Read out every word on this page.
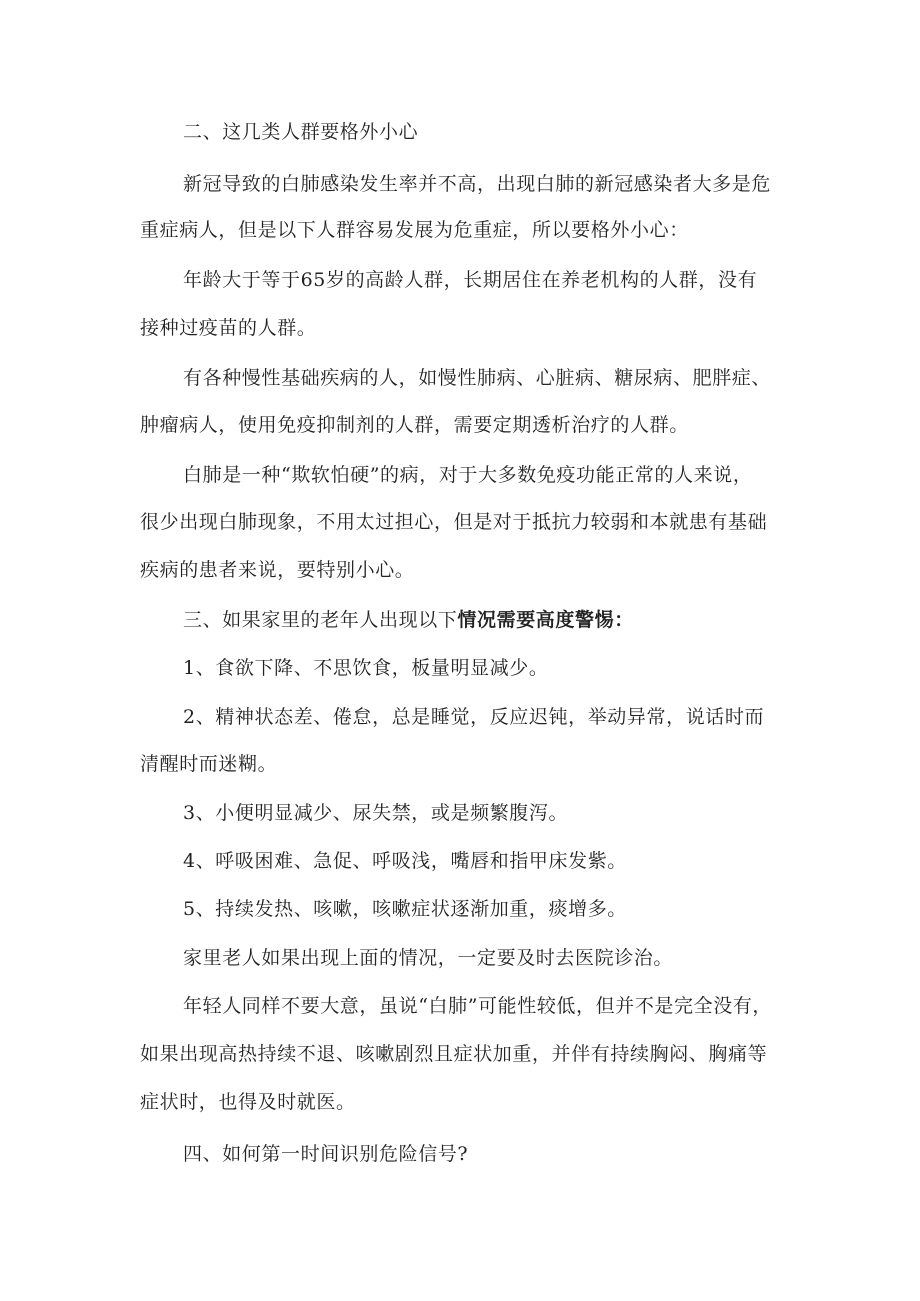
二、这几类人群要格外小心
新冠导致的白肺感染发生率并不高，出现白肺的新冠感染者大多是危
重症病人，但是以下人群容易发展为危重症，所以要格外小心：
年龄大于等于65岁的高龄人群，长期居住在养老机构的人群，没有
接种过疫苗的人群。
有各种慢性基础疾病的人，如慢性肺病、心脏病、糖尿病、肥胖症、
肿瘤病人，使用免疫抑制剂的人群，需要定期透析治疗的人群。
白肺是一种“欺软怕硬”的病，对于大多数免疫功能正常的人来说，
很少出现白肺现象，不用太过担心，但是对于抵抗力较弱和本就患有基础
疾病的患者来说，要特别小心。
三、如果家里的老年人出现以下情况需要高度警惕：
1、食欲下降、不思饮食，板量明显减少。
2、精神状态差、倦怠，总是睡觉，反应迟钝，举动异常，说话时而
清醒时而迷糊。
3、小便明显减少、尿失禁，或是频繁腹泻。
4、呼吸困难、急促、呼吸浅，嘴唇和指甲床发紫。
5、持续发热、咳嗽，咳嗽症状逐渐加重，痰增多。
家里老人如果出现上面的情况，一定要及时去医院诊治。
年轻人同样不要大意，虽说“白肺”可能性较低，但并不是完全没有，
如果出现高热持续不退、咳嗽剧烈且症状加重，并伴有持续胸闷、胸痛等
症状时，也得及时就医。
四、如何第一时间识别危险信号?
